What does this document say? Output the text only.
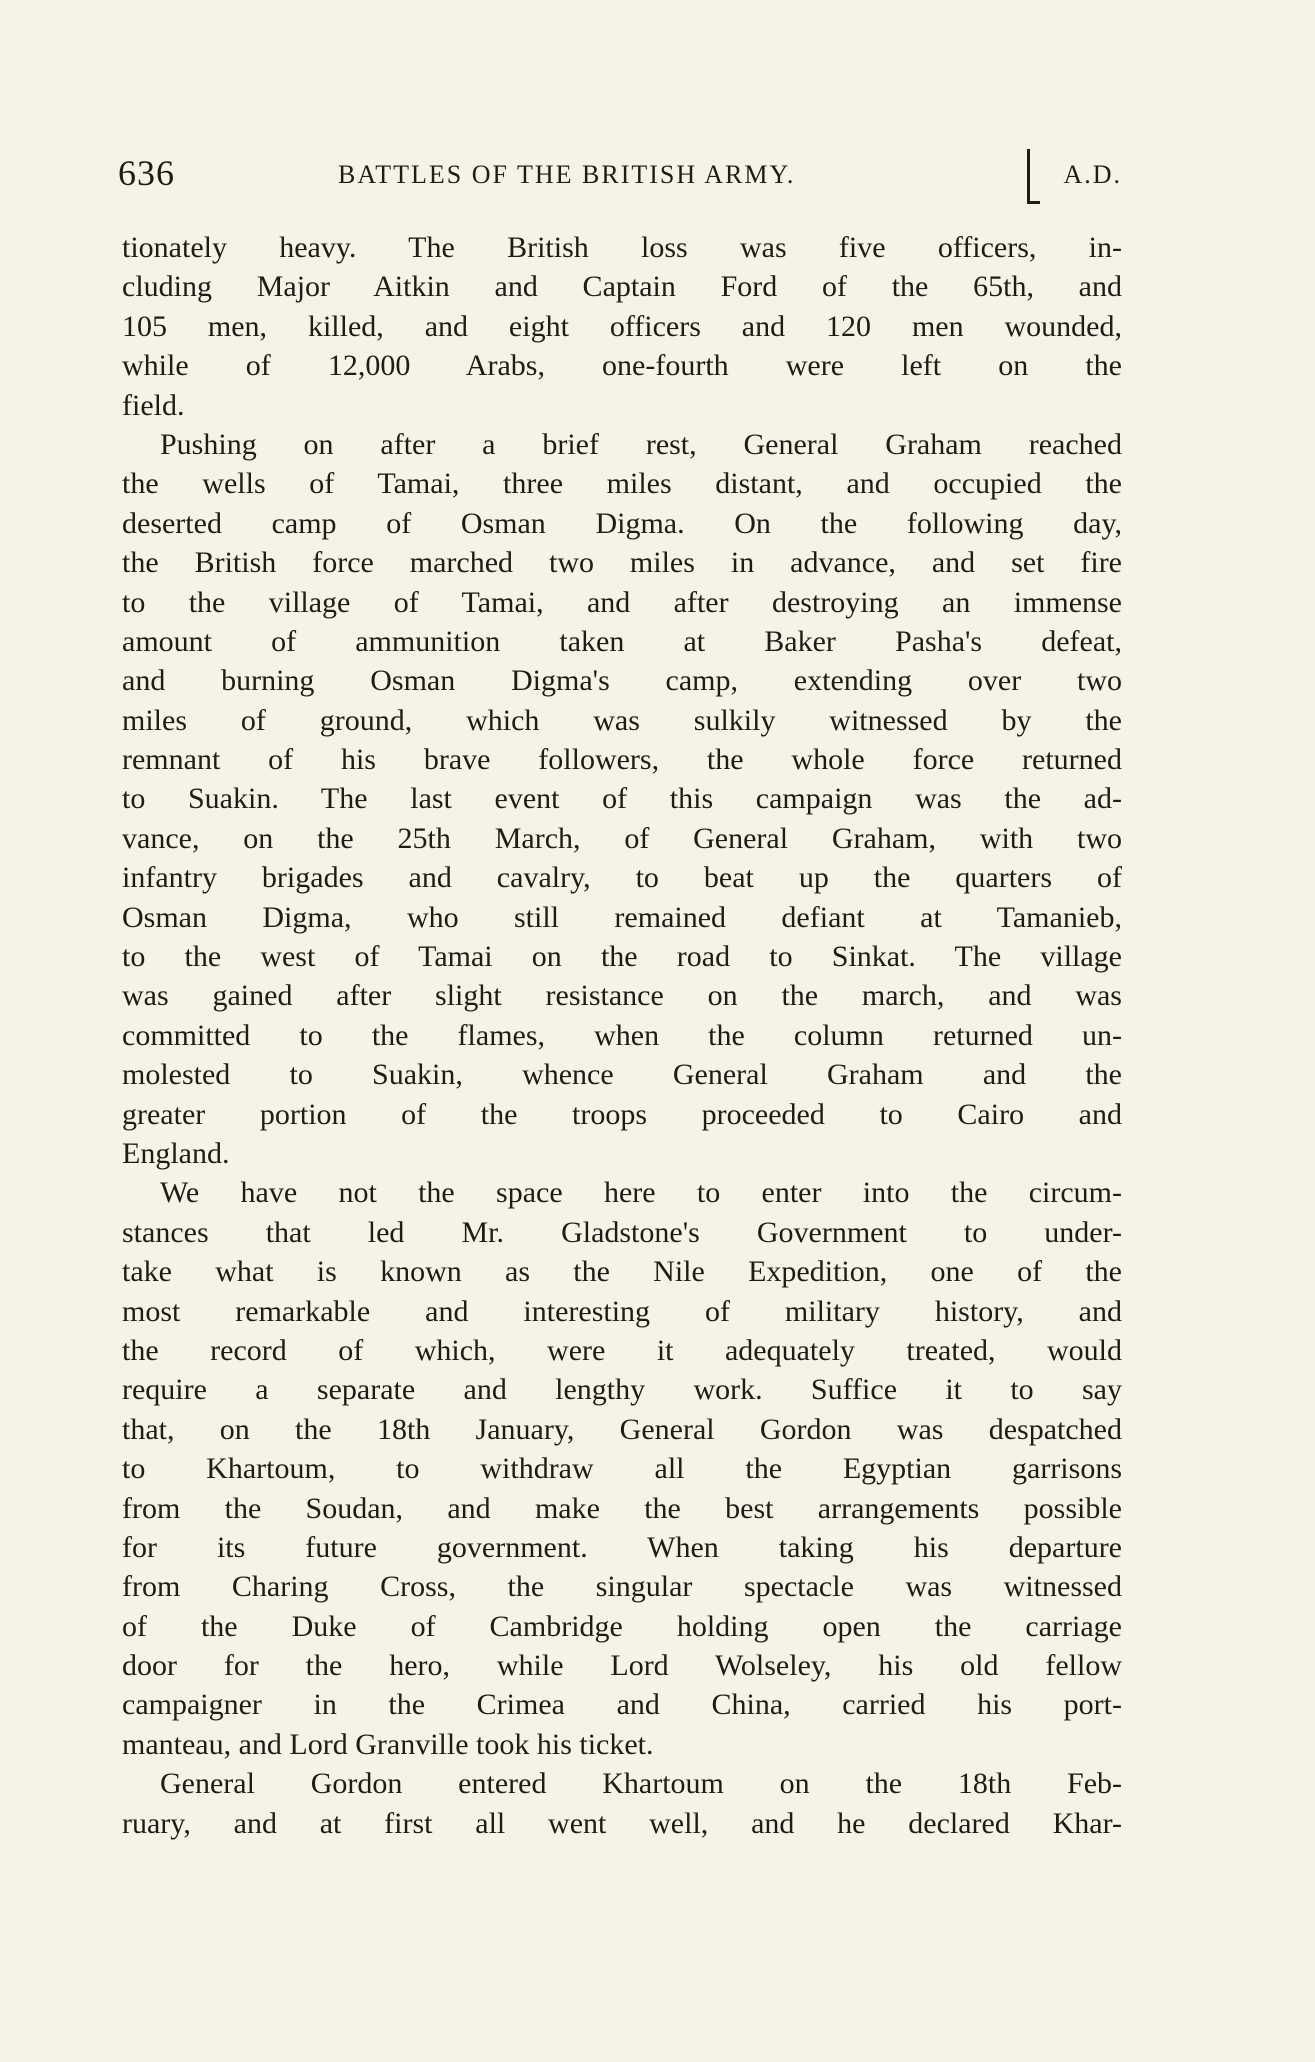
636	BATTLES OF THE BRITISH ARMY.	A.D.
tionately heavy. The British loss was five officers, in-
cluding Major Aitkin and Captain Ford of the 65th, and
105 men, killed, and eight officers and 120 men wounded,
while of 12,000 Arabs, one-fourth were left on the
field.
Pushing on after a brief rest, General Graham reached
the wells of Tamai, three miles distant, and occupied the
deserted camp of Osman Digma. On the following day,
the British force marched two miles in advance, and set fire
to the village of Tamai, and after destroying an immense
amount of ammunition taken at Baker Pasha's defeat,
and burning Osman Digma's camp, extending over two
miles of ground, which was sulkily witnessed by the
remnant of his brave followers, the whole force returned
to Suakin. The last event of this campaign was the ad-
vance, on the 25th March, of General Graham, with two
infantry brigades and cavalry, to beat up the quarters of
Osman Digma, who still remained defiant at Tamanieb,
to the west of Tamai on the road to Sinkat. The village
was gained after slight resistance on the march, and was
committed to the flames, when the column returned un-
molested to Suakin, whence General Graham and the
greater portion of the troops proceeded to Cairo and
England.
We have not the space here to enter into the circum-
stances that led Mr. Gladstone's Government to under-
take what is known as the Nile Expedition, one of the
most remarkable and interesting of military history, and
the record of which, were it adequately treated, would
require a separate and lengthy work. Suffice it to say
that, on the 18th January, General Gordon was despatched
to Khartoum, to withdraw all the Egyptian garrisons
from the Soudan, and make the best arrangements possible
for its future government. When taking his departure
from Charing Cross, the singular spectacle was witnessed
of the Duke of Cambridge holding open the carriage
door for the hero, while Lord Wolseley, his old fellow
campaigner in the Crimea and China, carried his port-
manteau, and Lord Granville took his ticket.
General Gordon entered Khartoum on the 18th Feb-
ruary, and at first all went well, and he declared Khar-
